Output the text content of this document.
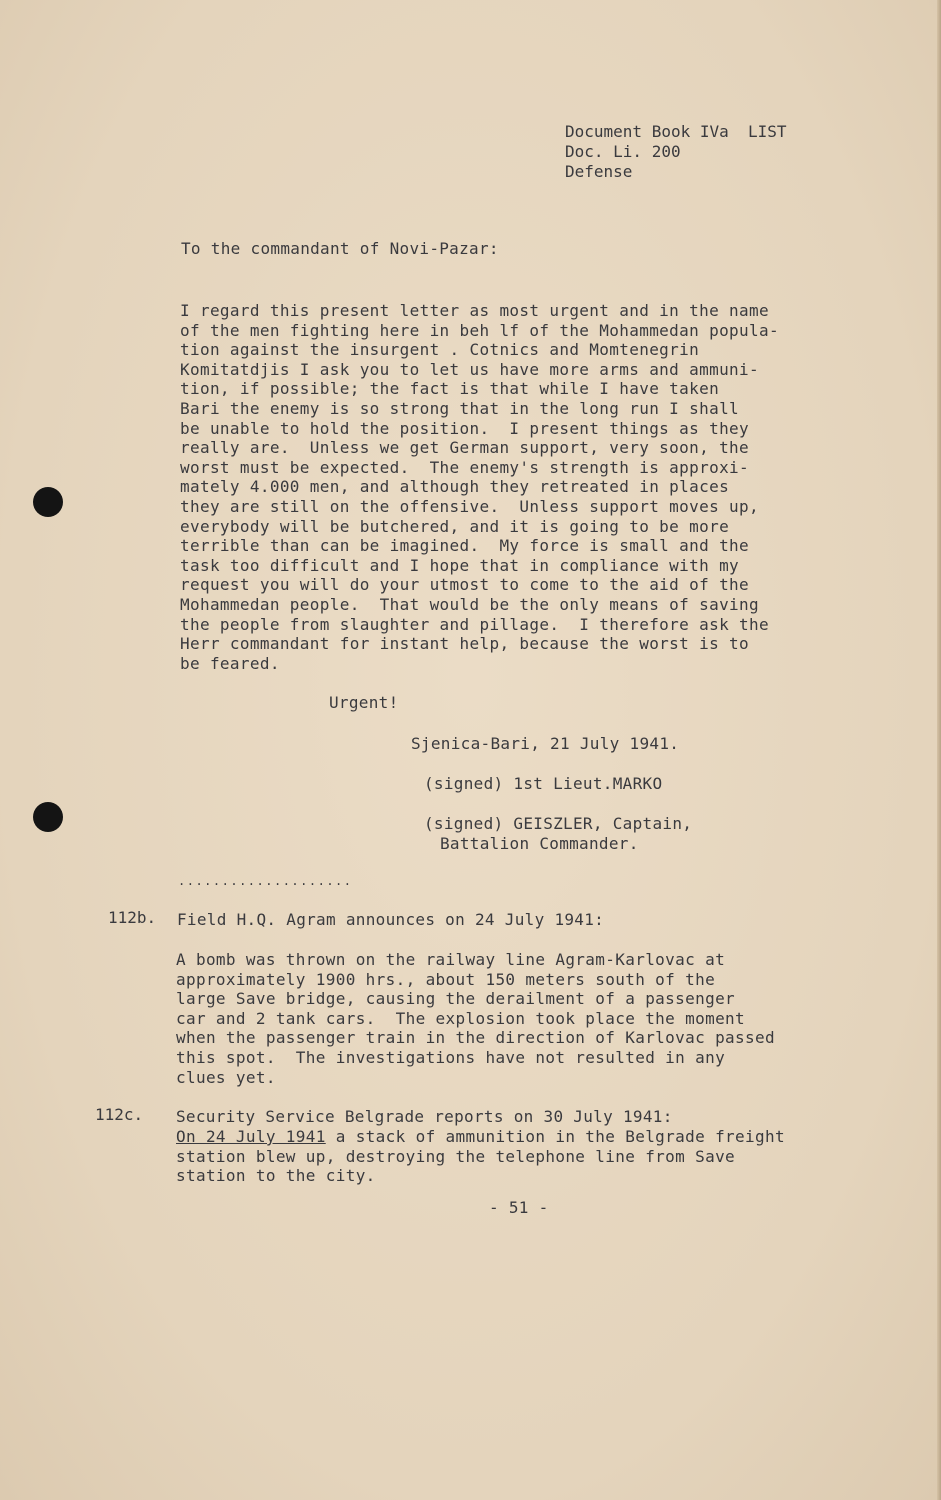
Document Book IVa  LIST
Doc. Li. 200
Defense
To the commandant of Novi-Pazar:
I regard this present letter as most urgent and in the name
of the men fighting here in beh lf of the Mohammedan popula-
tion against the insurgent . Cotnics and Momtenegrin
Komitatdjis I ask you to let us have more arms and ammuni-
tion, if possible; the fact is that while I have taken
Bari the enemy is so strong that in the long run I shall
be unable to hold the position.  I present things as they
really are.  Unless we get German support, very soon, the
worst must be expected.  The enemy's strength is approxi-
mately 4.000 men, and although they retreated in places
they are still on the offensive.  Unless support moves up,
everybody will be butchered, and it is going to be more
terrible than can be imagined.  My force is small and the
task too difficult and I hope that in compliance with my
request you will do your utmost to come to the aid of the
Mohammedan people.  That would be the only means of saving
the people from slaughter and pillage.  I therefore ask the
Herr commandant for instant help, because the worst is to
be feared.
Urgent!
Sjenica-Bari, 21 July 1941.
(signed) 1st Lieut.MARKO
(signed) GEISZLER, Captain,
Battalion Commander.
....................
112b. Field H.Q. Agram announces on 24 July 1941:
A bomb was thrown on the railway line Agram-Karlovac at
approximately 1900 hrs., about 150 meters south of the
large Save bridge, causing the derailment of a passenger
car and 2 tank cars.  The explosion took place the moment
when the passenger train in the direction of Karlovac passed
this spot.  The investigations have not resulted in any
clues yet.
112c. Security Service Belgrade reports on 30 July 1941:
On 24 July 1941 a stack of ammunition in the Belgrade freight
station blew up, destroying the telephone line from Save
station to the city.
- 51 -
